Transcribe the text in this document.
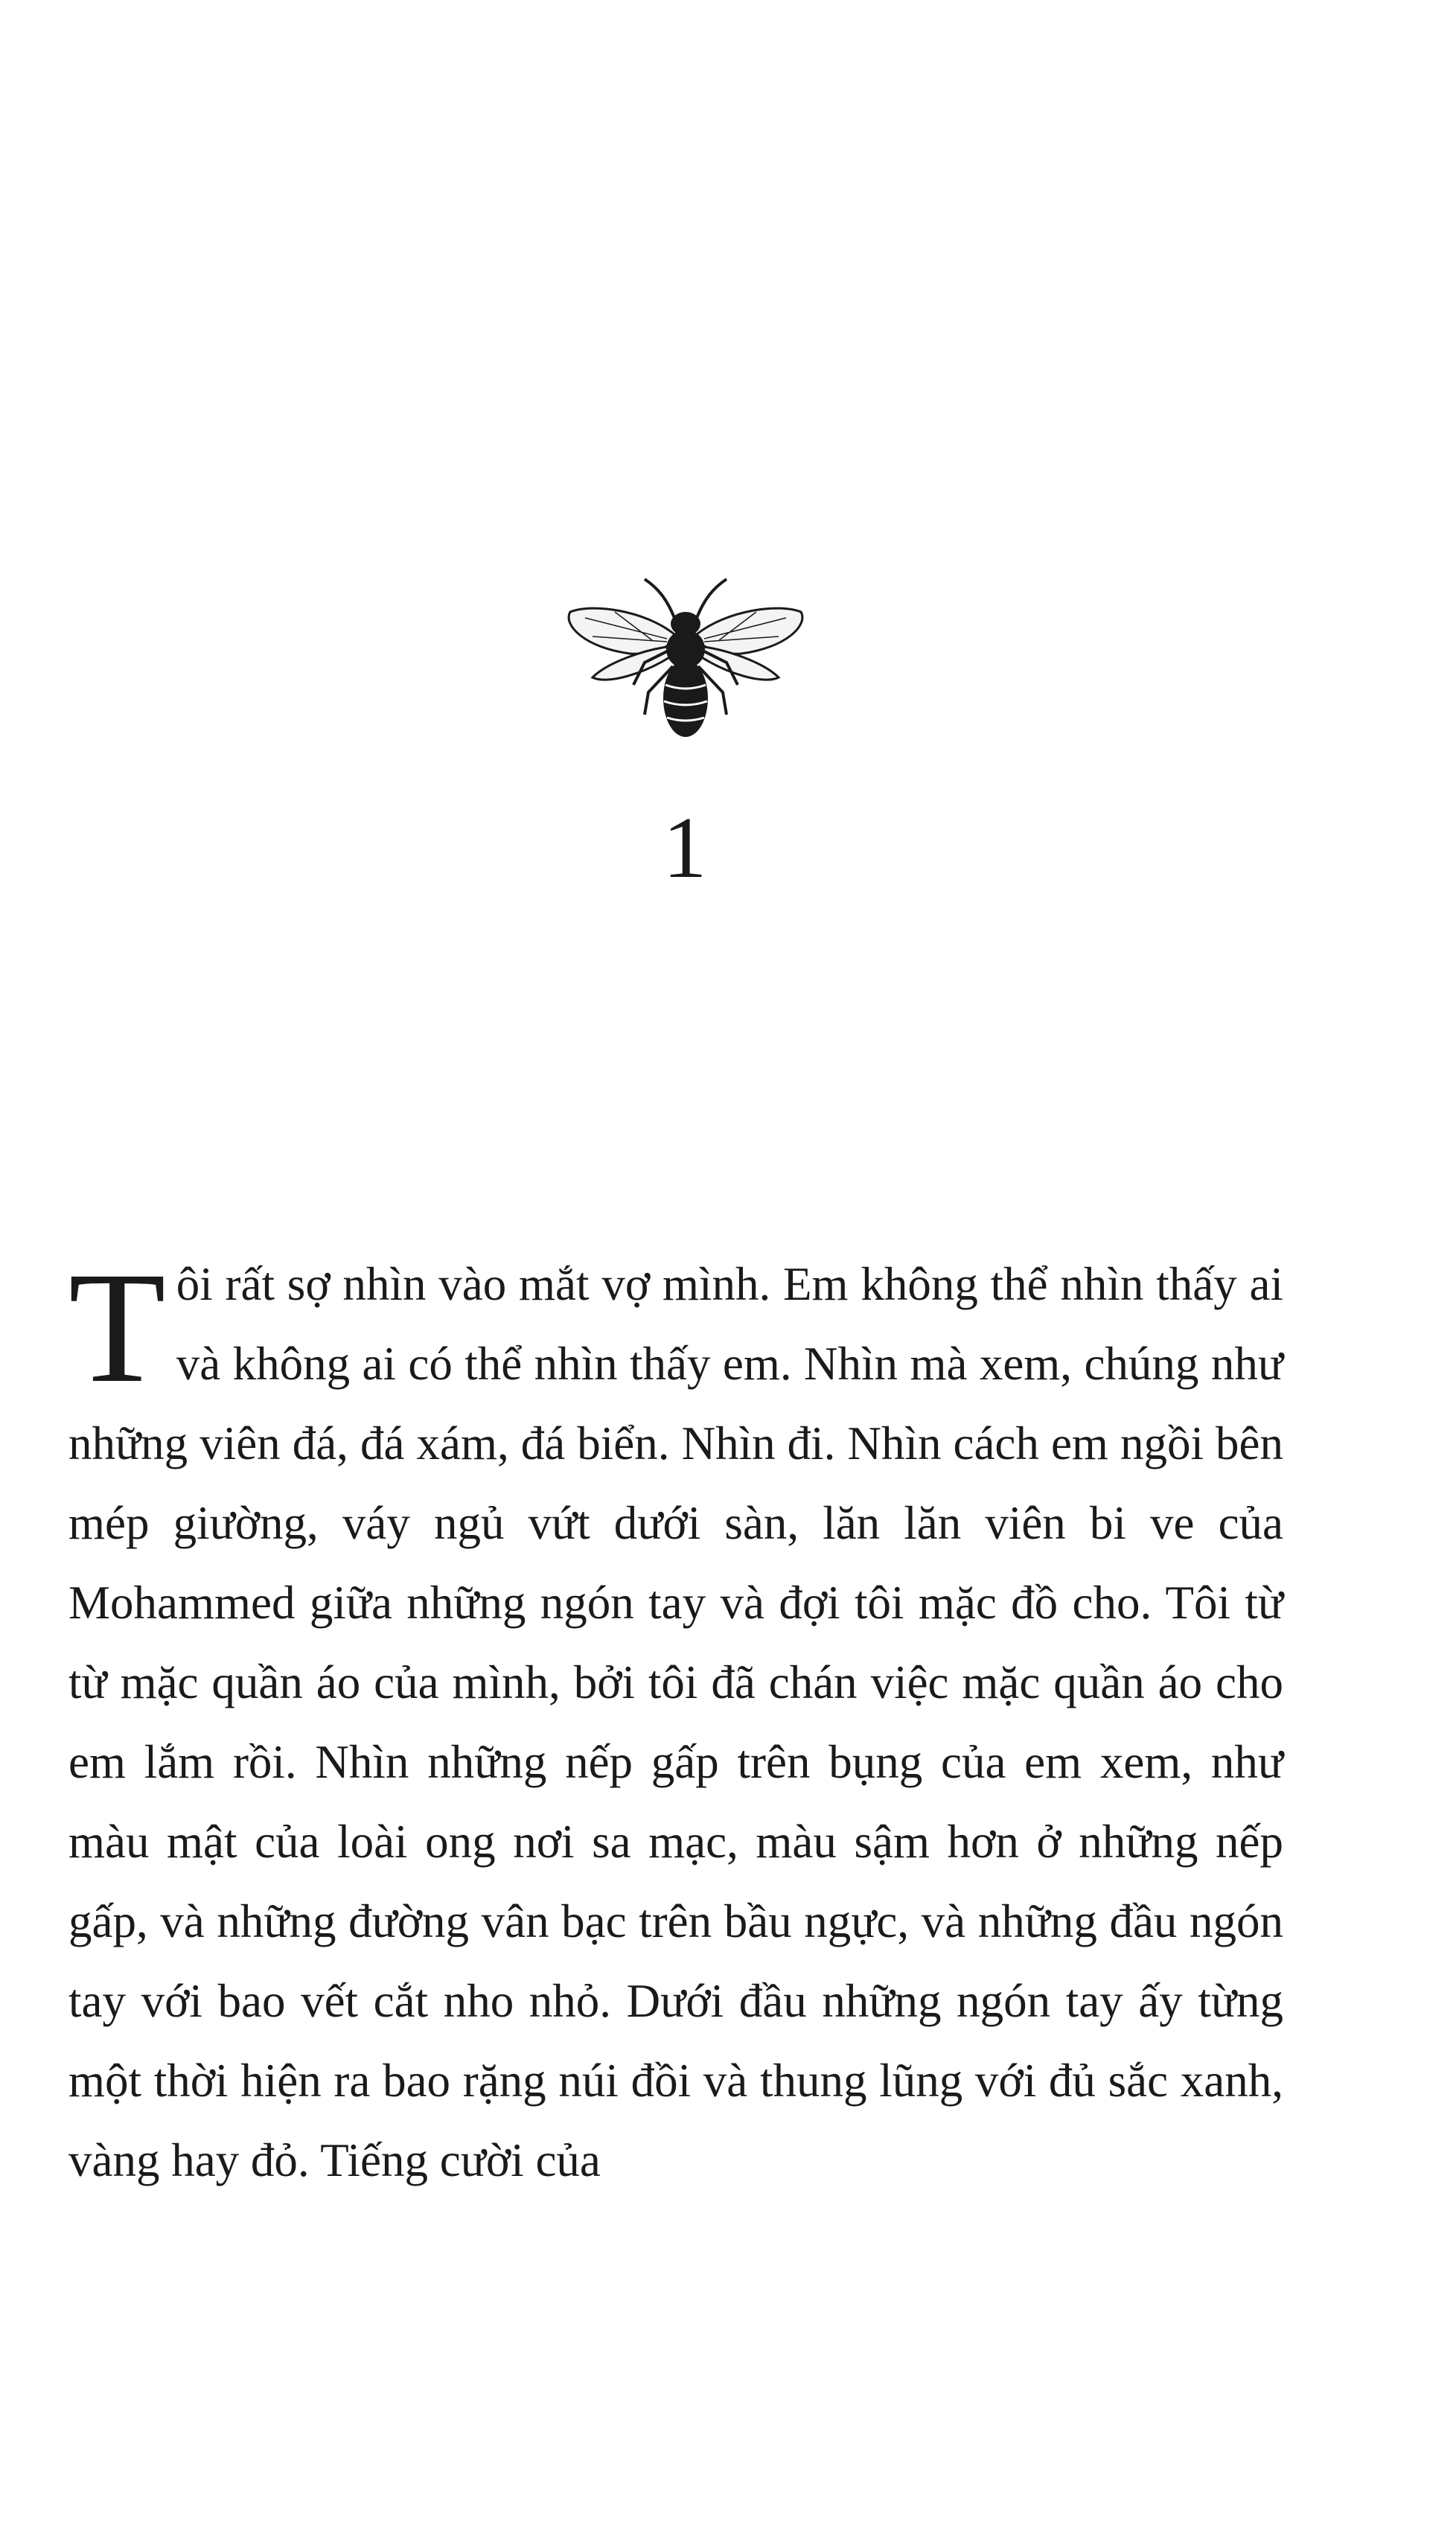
1
Tôi rất sợ nhìn vào mắt vợ mình. Em không thể nhìn thấy ai và không ai có thể nhìn thấy em. Nhìn mà xem, chúng như những viên đá, đá xám, đá biển. Nhìn đi. Nhìn cách em ngồi bên mép giường, váy ngủ vứt dưới sàn, lăn lăn viên bi ve của Mohammed giữa những ngón tay và đợi tôi mặc đồ cho. Tôi từ từ mặc quần áo của mình, bởi tôi đã chán việc mặc quần áo cho em lắm rồi. Nhìn những nếp gấp trên bụng của em xem, như màu mật của loài ong nơi sa mạc, màu sậm hơn ở những nếp gấp, và những đường vân bạc trên bầu ngực, và những đầu ngón tay với bao vết cắt nho nhỏ. Dưới đầu những ngón tay ấy từng một thời hiện ra bao rặng núi đồi và thung lũng với đủ sắc xanh, vàng hay đỏ. Tiếng cười của
